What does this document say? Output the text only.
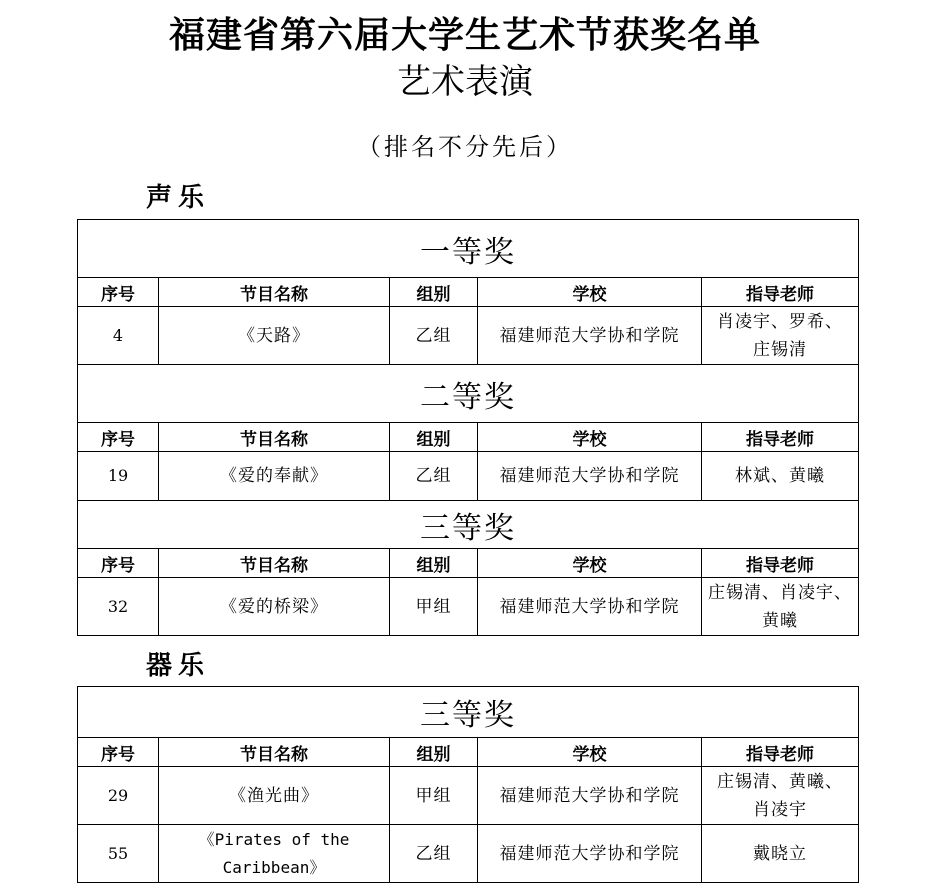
福建省第六届大学生艺术节获奖名单
艺术表演
（排名不分先后）
声乐
一等奖				
序号	节目名称	组别	学校	指导老师
4	《天路》	乙组	福建师范大学协和学院	肖凌宇、罗希、
庄锡清

二等奖				
序号	节目名称	组别	学校	指导老师
19	《爱的奉献》	乙组	福建师范大学协和学院	林斌、黄曦

三等奖				
序号	节目名称	组别	学校	指导老师
32	《爱的桥梁》	甲组	福建师范大学协和学院	庄锡清、肖凌宇、
黄曦
器乐
三等奖				
序号	节目名称	组别	学校	指导老师
29	《渔光曲》	甲组	福建师范大学协和学院	庄锡清、黄曦、
肖凌宇

55	《Pirates of the
Caribbean》	乙组	福建师范大学协和学院	戴晓立
